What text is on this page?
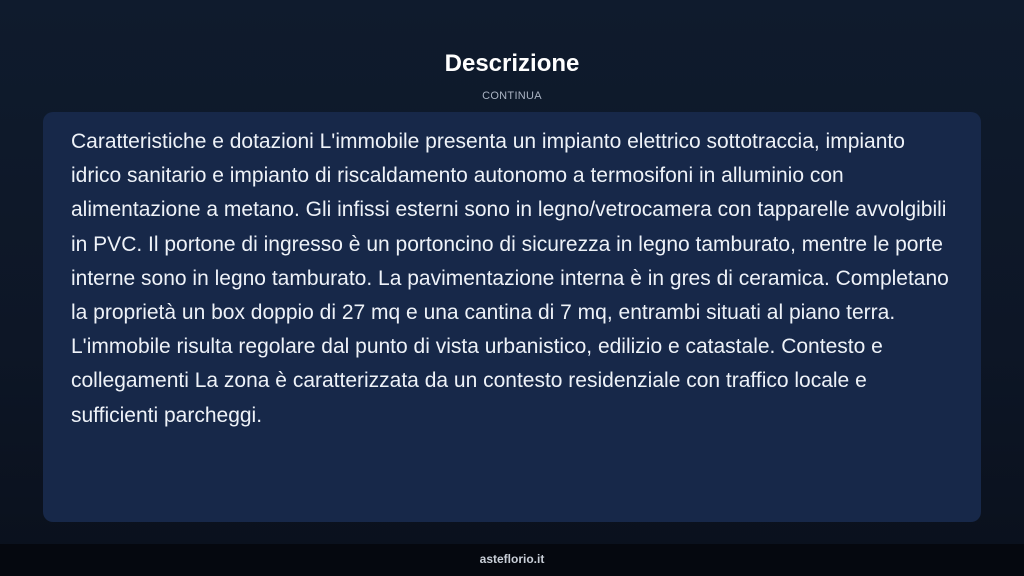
Descrizione
CONTINUA

Caratteristiche e dotazioni L'immobile presenta un impianto elettrico sottotraccia, impianto idrico sanitario e impianto di riscaldamento autonomo a termosifoni in alluminio con alimentazione a metano. Gli infissi esterni sono in legno/vetrocamera con tapparelle avvolgibili in PVC. Il portone di ingresso è un portoncino di sicurezza in legno tamburato, mentre le porte interne sono in legno tamburato. La pavimentazione interna è in gres di ceramica. Completano la proprietà un box doppio di 27 mq e una cantina di 7 mq, entrambi situati al piano terra. L'immobile risulta regolare dal punto di vista urbanistico, edilizio e catastale. Contesto e collegamenti La zona è caratterizzata da un contesto residenziale con traffico locale e sufficienti parcheggi.

asteflorio.it
